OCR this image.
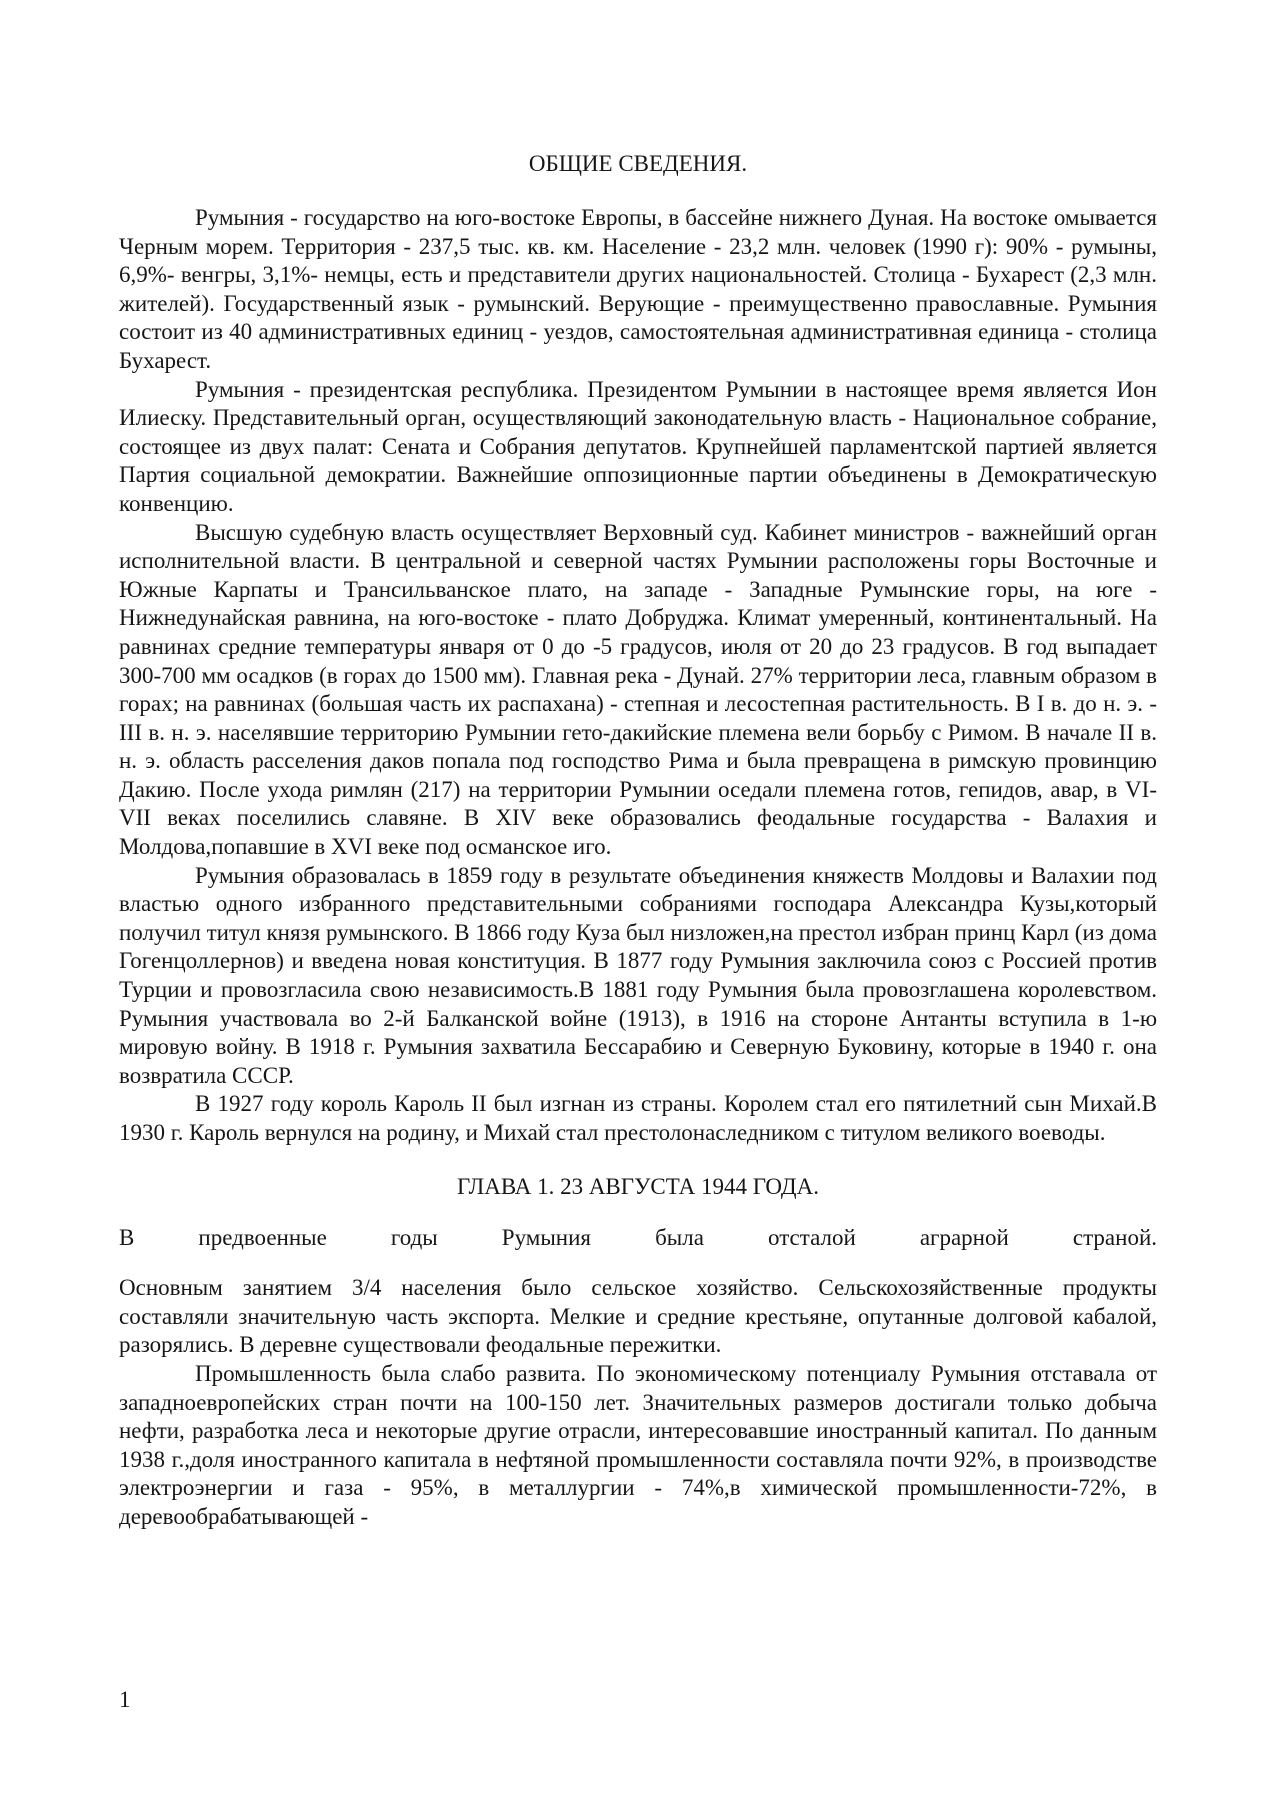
ОБЩИЕ СВЕДЕНИЯ.

Румыния - государство на юго-востоке Европы, в бассейне нижнего Дуная. На востоке омывается Черным морем. Территория - 237,5 тыс. кв. км. Население - 23,2 млн. человек (1990 г): 90% - румыны, 6,9%- венгры, 3,1%- немцы, есть и представители других национальностей. Столица - Бухарест (2,3 млн. жителей). Государственный язык - румынский. Верующие - преимущественно православные. Румыния состоит из 40 административных единиц - уездов, самостоятельная административная единица - столица Бухарест.

Румыния - президентская республика. Президентом Румынии в настоящее время является Ион Илиеску. Представительный орган, осуществляющий законодательную власть - Национальное собрание, состоящее из двух палат: Сената и Собрания депутатов. Крупнейшей парламентской партией является Партия социальной демократии. Важнейшие оппозиционные партии объединены в Демократическую конвенцию.

Высшую судебную власть осуществляет Верховный суд. Кабинет министров - важнейший орган исполнительной власти. В центральной и северной частях Румынии расположены горы Восточные и Южные Карпаты и Трансильванское плато, на западе - Западные Румынские горы, на юге - Нижнедунайская равнина, на юго-востоке - плато Добруджа. Климат умеренный, континентальный. На равнинах средние температуры января от 0 до -5 градусов, июля от 20 до 23 градусов. В год выпадает 300-700 мм осадков (в горах до 1500 мм). Главная река - Дунай. 27% территории леса, главным образом в горах; на равнинах (большая часть их распахана) - степная и лесостепная растительность. В I в. до н. э. - III в. н. э. населявшие территорию Румынии гето-дакийские племена вели борьбу с Римом. В начале II в. н. э. область расселения даков попала под господство Рима и была превращена в римскую провинцию Дакию. После ухода римлян (217) на территории Румынии оседали племена готов, гепидов, авар, в VI-VII веках поселились славяне. В XIV веке образовались феодальные государства - Валахия и Молдова,попавшие в XVI веке под османское иго.

Румыния образовалась в 1859 году в результате объединения княжеств Молдовы и Валахии под властью одного избранного представительными собраниями господара Александра Кузы,который получил титул князя румынского. В 1866 году Куза был низложен,на престол избран принц Карл (из дома Гогенцоллернов) и введена новая конституция. В 1877 году Румыния заключила союз с Россией против Турции и провозгласила свою независимость.В 1881 году Румыния была провозглашена королевством. Румыния участвовала во 2-й Балканской войне (1913), в 1916 на стороне Антанты вступила в 1-ю мировую войну. В 1918 г. Румыния захватила Бессарабию и Северную Буковину, которые в 1940 г. она возвратила СССР.

В 1927 году король Кароль II был изгнан из страны. Королем стал его пятилетний сын Михай.В 1930 г. Кароль вернулся на родину, и Михай стал престолонаследником с титулом великого воеводы.

ГЛАВА 1. 23 АВГУСТА 1944 ГОДА.

В предвоенные годы Румыния была отсталой аграрной страной.

Основным занятием 3/4 населения было сельское хозяйство. Сельскохозяйственные продукты составляли значительную часть экспорта. Мелкие и средние крестьяне, опутанные долговой кабалой, разорялись. В деревне существовали феодальные пережитки.

Промышленность была слабо развита. По экономическому потенциалу Румыния отставала от западноевропейских стран почти на 100-150 лет. Значительных размеров достигали только добыча нефти, разработка леса и некоторые другие отрасли, интересовавшие иностранный капитал. По данным 1938 г.,доля иностранного капитала в нефтяной промышленности составляла почти 92%, в производстве электроэнергии и газа - 95%, в металлургии - 74%,в химической промышленности-72%, в деревообрабатывающей -

1
